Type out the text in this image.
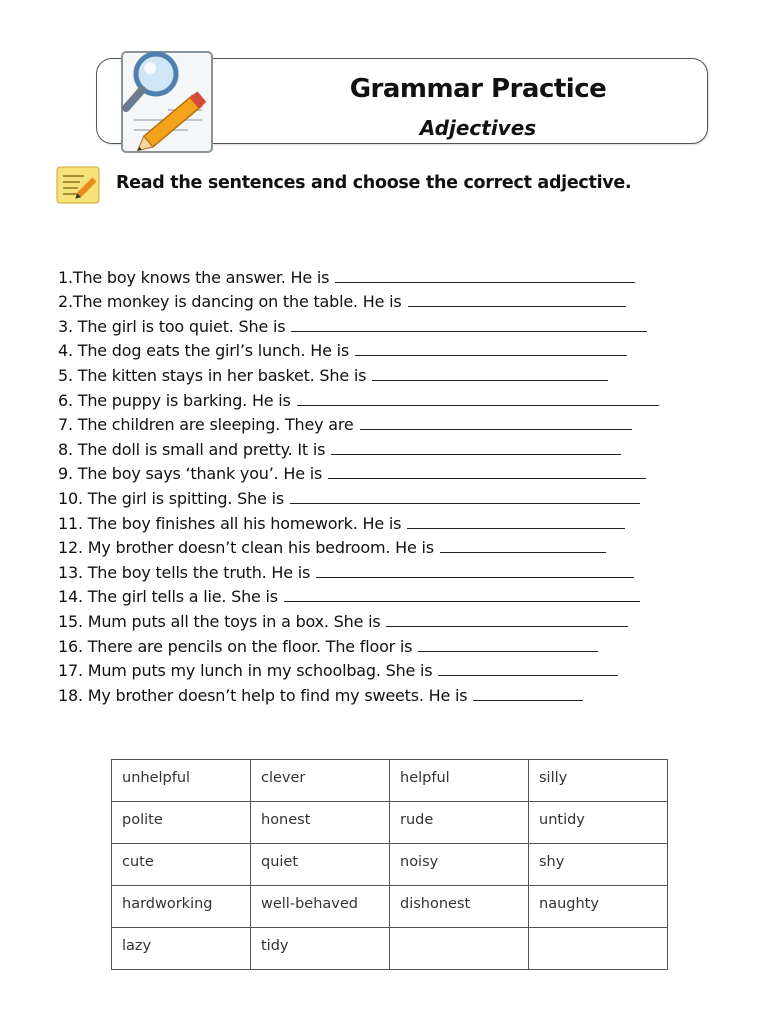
Grammar Practice
Adjectives
Read the sentences and choose the correct adjective.
1.The boy knows the answer. He is
2.The monkey is dancing on the table. He is
3. The girl is too quiet. She is
4. The dog eats the girl’s lunch. He is
5. The kitten stays in her basket. She is
6. The puppy is barking. He is
7. The children are sleeping. They are
8. The doll is small and pretty. It is
9. The boy says ‘thank you’. He is
10. The girl is spitting. She is
11. The boy finishes all his homework. He is
12. My brother doesn’t clean his bedroom. He is
13. The boy tells the truth. He is
14. The girl tells a lie. She is
15. Mum puts all the toys in a box. She is
16. There are pencils on the floor. The floor is
17. Mum puts my lunch in my schoolbag. She is
18. My brother doesn’t help to find my sweets. He is
unhelpful	clever	helpful	silly
polite	honest	rude	untidy
cute	quiet	noisy	shy
hardworking	well-behaved	dishonest	naughty
lazy	tidy		
